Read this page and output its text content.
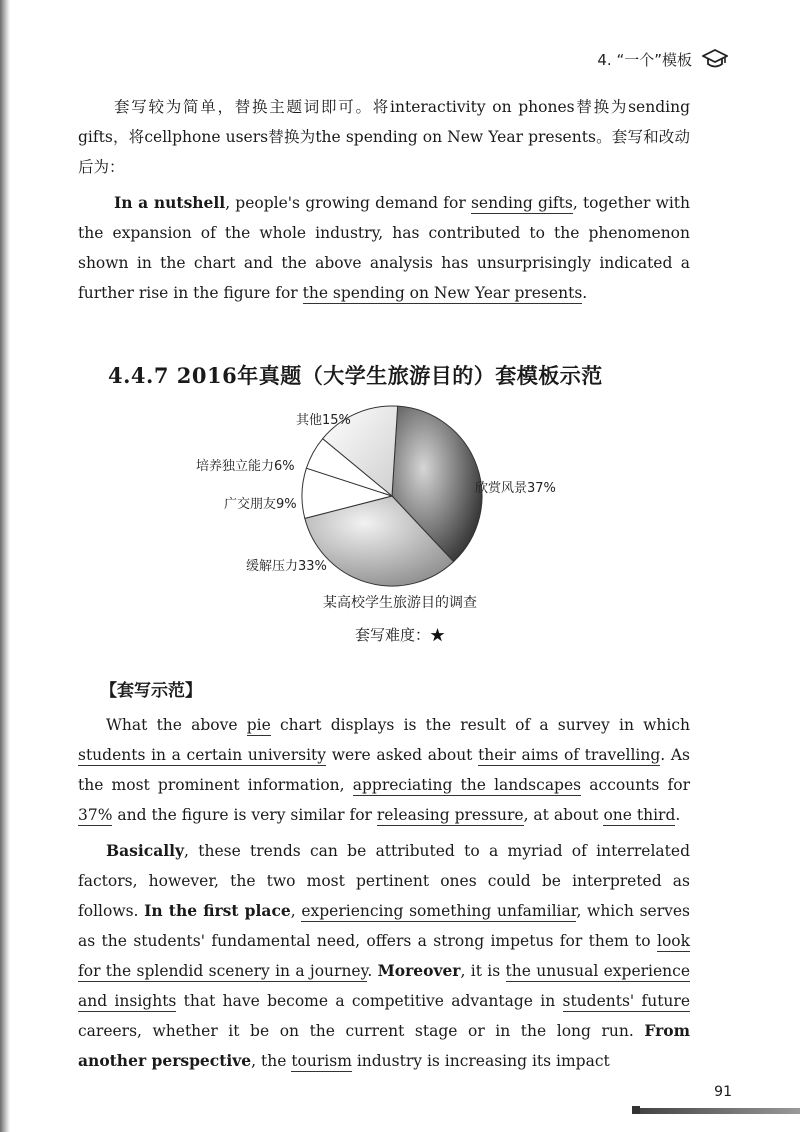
4. “一个”模板

套写较为简单，替换主题词即可。将interactivity on phones替换为sending gifts，将cellphone users替换为the spending on New Year presents。套写和改动后为：

In a nutshell, people's growing demand for sending gifts, together with the expansion of the whole industry, has contributed to the phenomenon shown in the chart and the above analysis has unsurprisingly indicated a further rise in the figure for the spending on New Year presents.

4.4.7 2016年真题（大学生旅游目的）套模板示范
欣赏风景37%
缓解压力33%
广交朋友9%
培养独立能力6%
其他15%
某高校学生旅游目的调查
套写难度：★
【套写示范】

What the above pie chart displays is the result of a survey in which students in a certain university were asked about their aims of travelling. As the most prominent information, appreciating the landscapes accounts for 37% and the figure is very similar for releasing pressure, at about one third.

Basically, these trends can be attributed to a myriad of interrelated factors, however, the two most pertinent ones could be interpreted as follows. In the first place, experiencing something unfamiliar, which serves as the students' fundamental need, offers a strong impetus for them to look for the splendid scenery in a journey. Moreover, it is the unusual experience and insights that have become a competitive advantage in students' future careers, whether it be on the current stage or in the long run. From another perspective, the tourism industry is increasing its impact

91
